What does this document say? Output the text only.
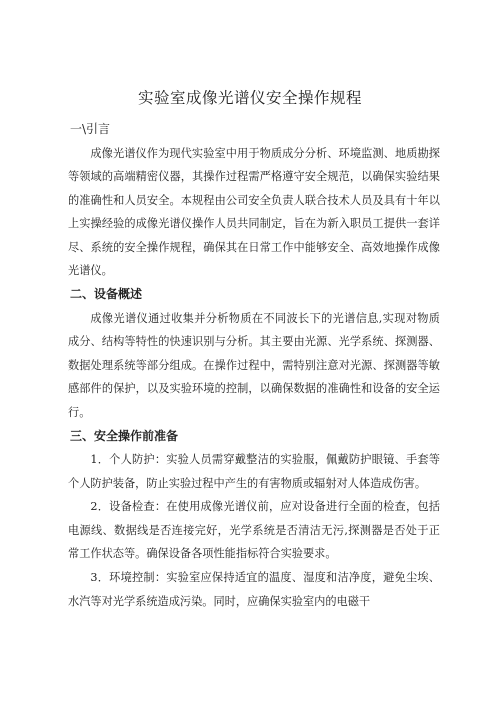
实验室成像光谱仪安全操作规程
一\引言

成像光谱仪作为现代实验室中用于物质成分分析、环境监测、地质勘探等领域的高端精密仪器，其操作过程需严格遵守安全规范，以确保实验结果的准确性和人员安全。本规程由公司安全负责人联合技术人员及具有十年以上实操经验的成像光谱仪操作人员共同制定，旨在为新入职员工提供一套详尽、系统的安全操作规程，确保其在日常工作中能够安全、高效地操作成像光谱仪。

二、设备概述

成像光谱仪通过收集并分析物质在不同波长下的光谱信息,实现对物质成分、结构等特性的快速识别与分析。其主要由光源、光学系统、探测器、数据处理系统等部分组成。在操作过程中，需特别注意对光源、探测器等敏感部件的保护，以及实验环境的控制，以确保数据的准确性和设备的安全运行。

三、安全操作前准备

1．个人防护：实验人员需穿戴整洁的实验服，佩戴防护眼镜、手套等个人防护装备，防止实验过程中产生的有害物质或辐射对人体造成伤害。

2．设备检查：在使用成像光谱仪前，应对设备进行全面的检查，包括电源线、数据线是否连接完好，光学系统是否清洁无污,探测器是否处于正常工作状态等。确保设备各项性能指标符合实验要求。

3．环境控制：实验室应保持适宜的温度、湿度和洁净度，避免尘埃、水汽等对光学系统造成污染。同时，应确保实验室内的电磁干
